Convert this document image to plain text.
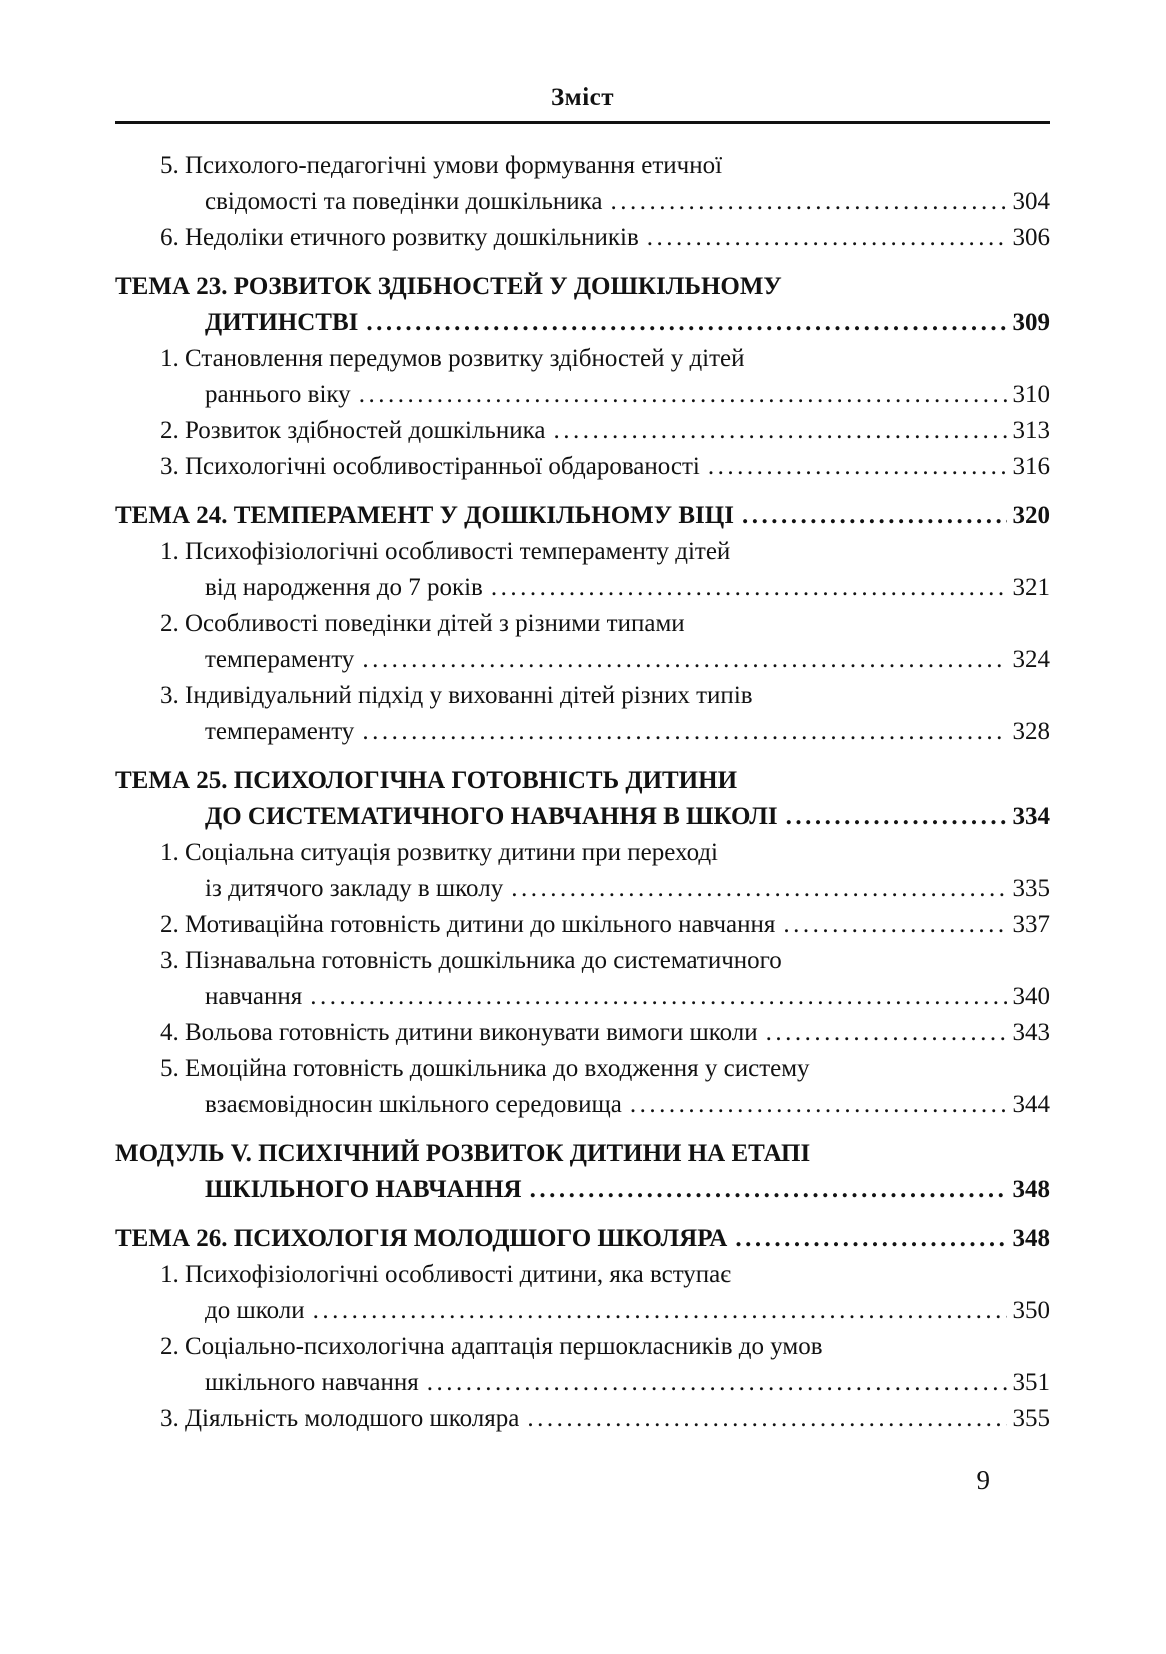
Зміст
5. Психолого-педагогічні умови формування етичної
свідомості та поведінки дошкільника .....	304
6. Недоліки етичного розвитку дошкільників .....	306
ТЕМА 23. РОЗВИТОК ЗДІБНОСТЕЙ У ДОШКІЛЬНОМУ
ДИТИНСТВІ .....	309
1. Становлення передумов розвитку здібностей у дітей
раннього віку .....	310
2. Розвиток здібностей дошкільника .....	313
3. Психологічні особливостіранньої обдарованості .....	316
ТЕМА 24. ТЕМПЕРАМЕНТ У ДОШКІЛЬНОМУ ВІЦІ .....	320
1. Психофізіологічні особливості темпераменту дітей
від народження до 7 років .....	321
2. Особливості поведінки дітей з різними типами
темпераменту .....	324
3. Індивідуальний підхід у вихованні дітей різних типів
темпераменту .....	328
ТЕМА 25. ПСИХОЛОГІЧНА ГОТОВНІСТЬ ДИТИНИ
ДО СИСТЕМАТИЧНОГО НАВЧАННЯ В ШКОЛІ .....	334
1. Соціальна ситуація розвитку дитини при переході
із дитячого закладу в школу .....	335
2. Мотиваційна готовність дитини до шкільного навчання .....	337
3. Пізнавальна готовність дошкільника до систематичного
навчання .....	340
4. Вольова готовність дитини виконувати вимоги школи .....	343
5. Емоційна готовність дошкільника до входження у систему
взаємовідносин шкільного середовища .....	344
МОДУЛЬ V. ПСИХІЧНИЙ РОЗВИТОК ДИТИНИ НА ЕТАПІ
ШКІЛЬНОГО НАВЧАННЯ .....	348
ТЕМА 26. ПСИХОЛОГІЯ МОЛОДШОГО ШКОЛЯРА .....	348
1. Психофізіологічні особливості дитини, яка вступає
до школи .....	350
2. Соціально-психологічна адаптація першокласників до умов
шкільного навчання .....	351
3. Діяльність молодшого школяра .....	355
9
